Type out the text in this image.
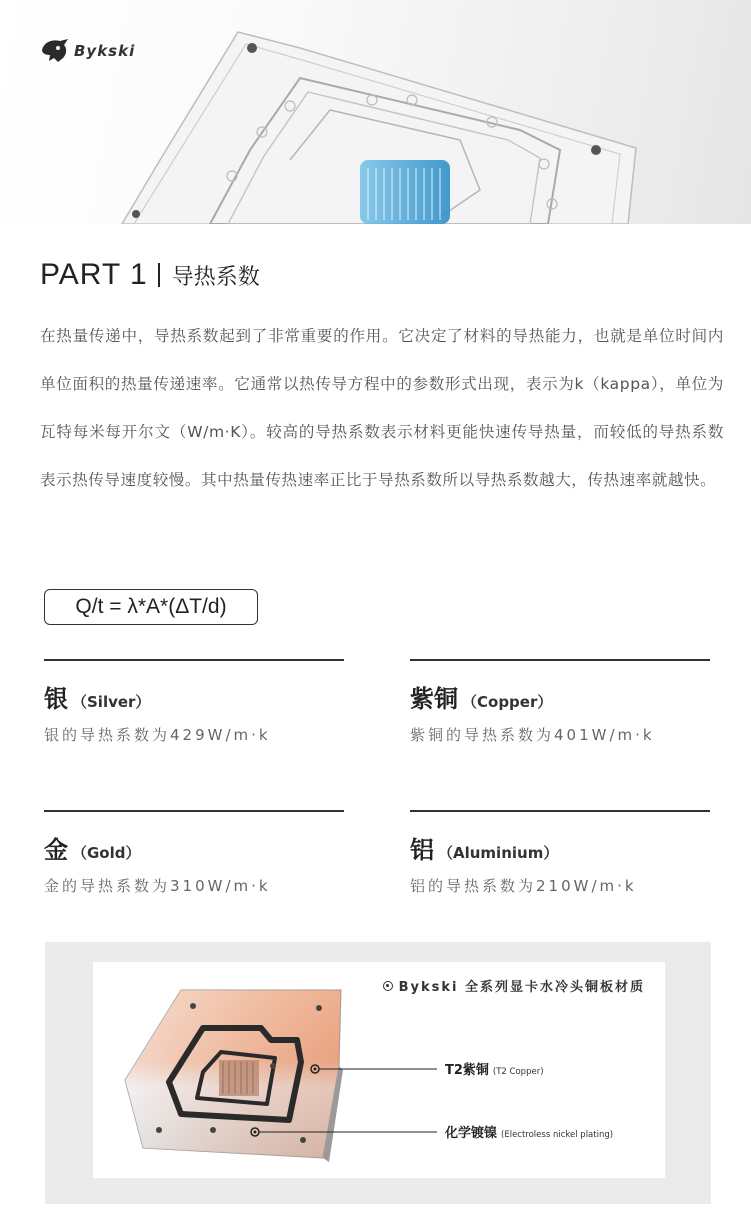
Bykski
PART 1 导热系数

在热量传递中，导热系数起到了非常重要的作用。它决定了材料的导热能力，也就是单位时间内单位面积的热量传递速率。它通常以热传导方程中的参数形式出现，表示为k（kappa），单位为瓦特每米每开尔文（W/m·K）。较高的导热系数表示材料更能快速传导热量，而较低的导热系数表示热传导速度较慢。其中热量传热速率正比于导热系数所以导热系数越大，传热速率就越快。

Q/t = λ*A*(ΔT/d)
银 （Silver）
银的导热系数为429W/m·k
紫铜 （Copper）
紫铜的导热系数为401W/m·k
金 （Gold）
金的导热系数为310W/m·k
铝 （Aluminium）
铝的导热系数为210W/m·k
Bykski 全系列显卡水冷头铜板材质
T2紫铜 (T2 Copper)
化学镀镍 (Electroless nickel plating)
